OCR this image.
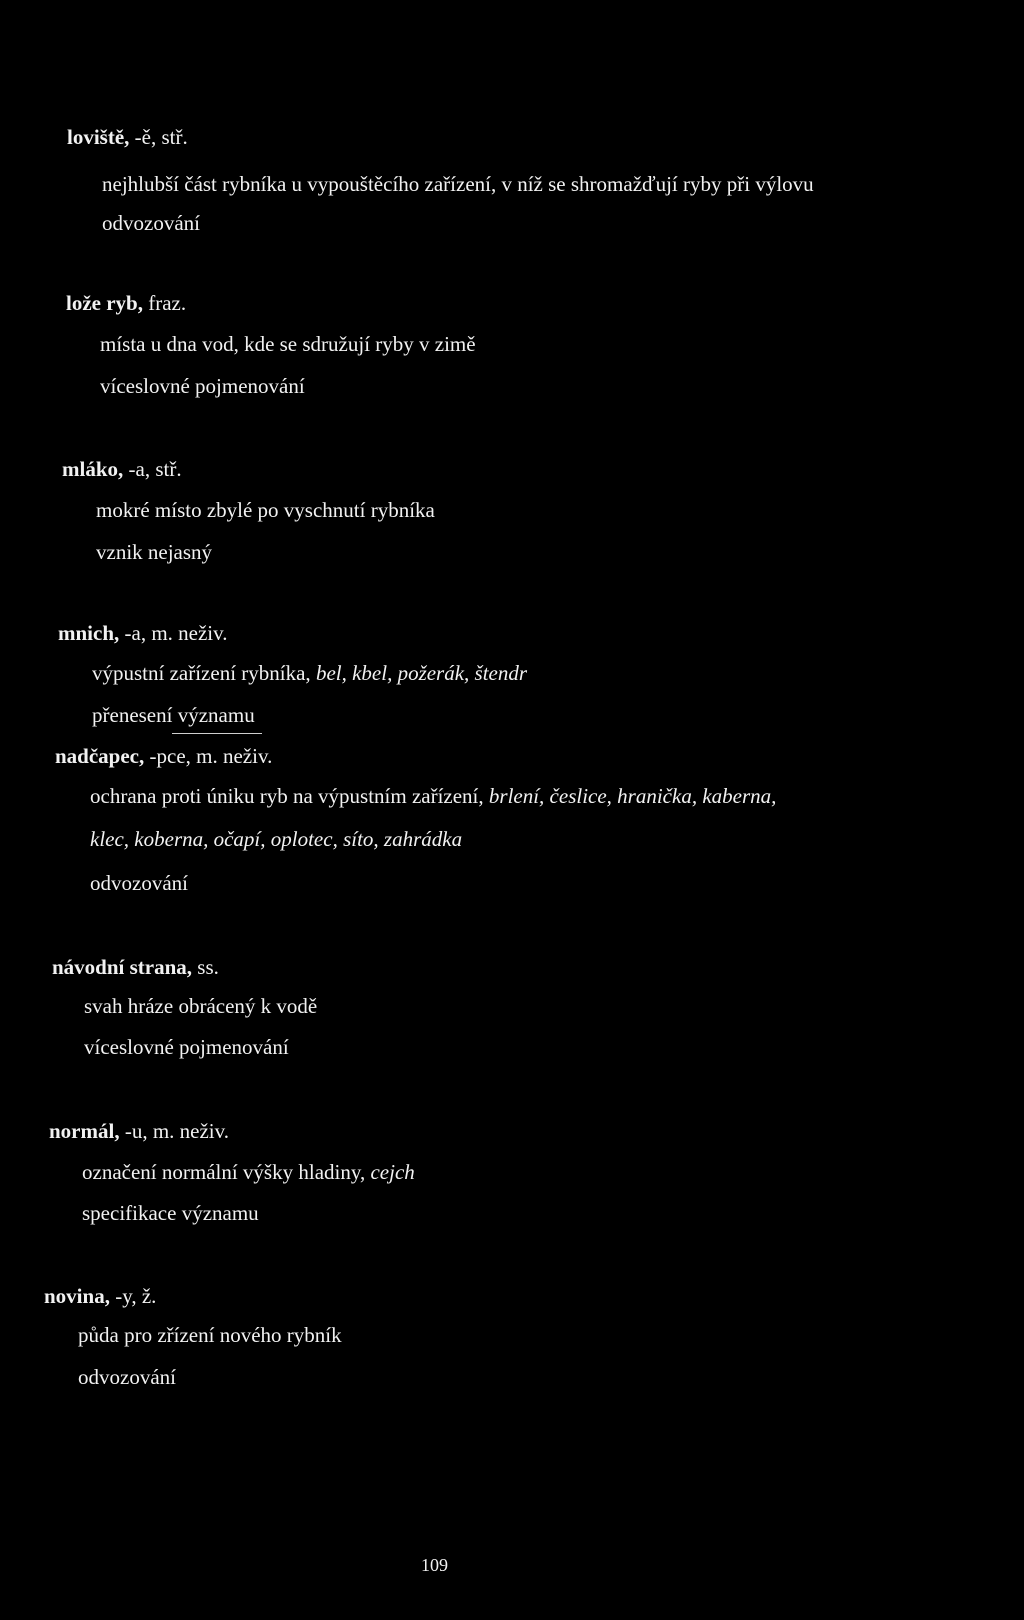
loviště, -ě, stř.
nejhlubší část rybníka u vypouštěcího zařízení, v níž se shromažďují ryby při výlovu
odvozování
lože ryb, fraz.
místa u dna vod, kde se sdružují ryby v zimě
víceslovné pojmenování
mláko, -a, stř.
mokré místo zbylé po vyschnutí rybníka
vznik nejasný
mnich, -a, m. neživ.
výpustní zařízení rybníka, bel, kbel, požerák, štendr
přenesení významu
nadčapec, -pce, m. neživ.
ochrana proti úniku ryb na výpustním zařízení, brlení, česlice, hranička, kaberna,
klec, koberna, očapí, oplotec, síto, zahrádka
odvozování
návodní strana, ss.
svah hráze obrácený k vodě
víceslovné pojmenování
normál, -u, m. neživ.
označení normální výšky hladiny, cejch
specifikace významu
novina, -y, ž.
půda pro zřízení nového rybník
odvozování
109
